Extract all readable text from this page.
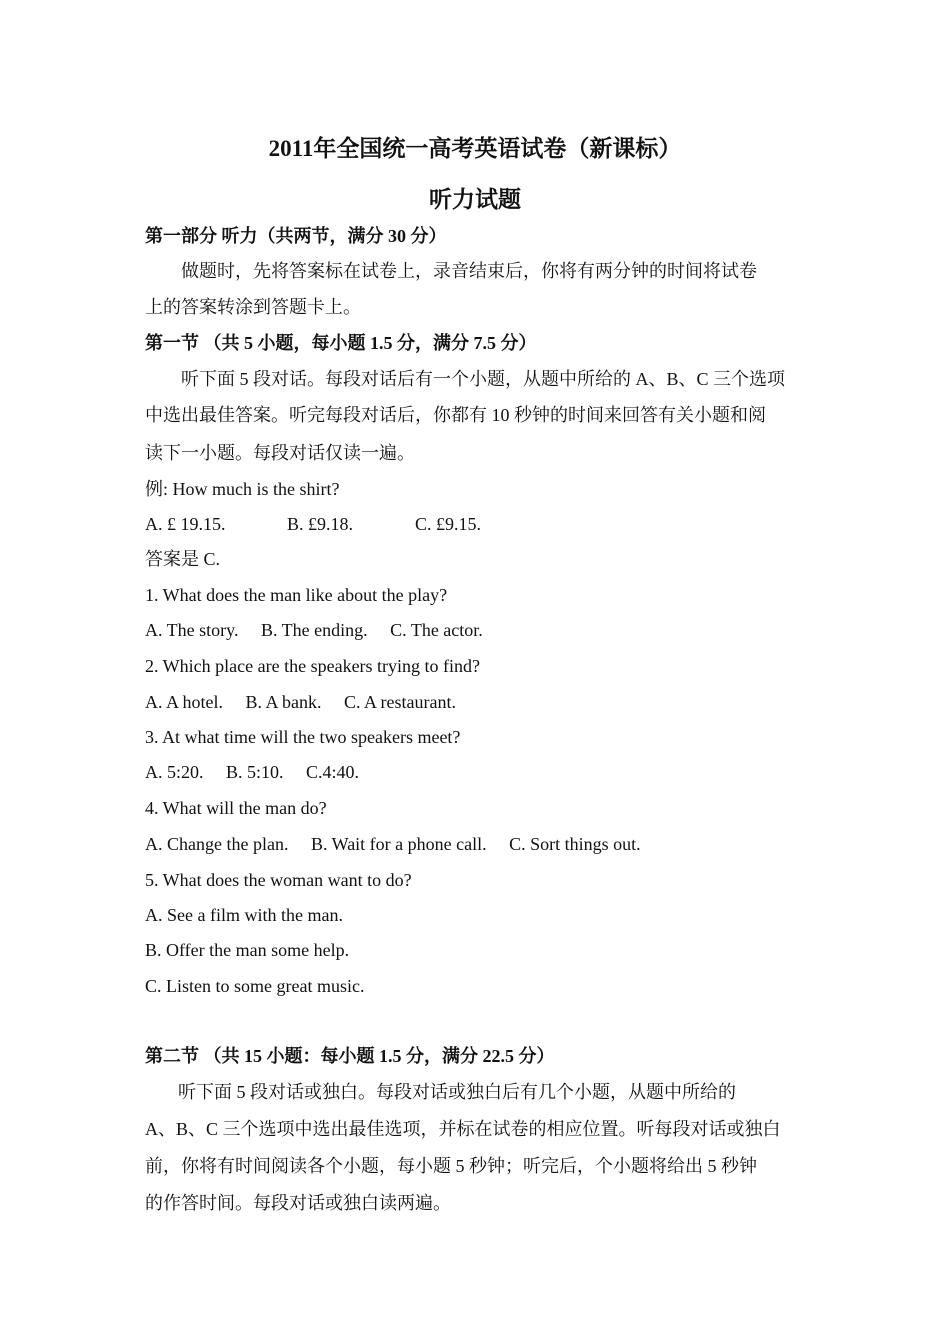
2011年全国统一高考英语试卷（新课标）
听力试题
第一部分 听力（共两节，满分 30 分）
做题时，先将答案标在试卷上，录音结束后，你将有两分钟的时间将试卷
上的答案转涂到答题卡上。
第一节 （共 5 小题，每小题 1.5 分，满分 7.5 分）
听下面 5 段对话。每段对话后有一个小题，从题中所给的 A、B、C 三个选项
中选出最佳答案。听完每段对话后，你都有 10 秒钟的时间来回答有关小题和阅
读下一小题。每段对话仅读一遍。
例: How much is the shirt?
A. £ 19.15.	B. £9.18.	C. £9.15.
答案是 C.
1. What does the man like about the play?
A. The story.     B. The ending.     C. The actor.
2. Which place are the speakers trying to find?
A. A hotel.     B. A bank.     C. A restaurant.
3. At what time will the two speakers meet?
A. 5:20.     B. 5:10.     C.4:40.
4. What will the man do?
A. Change the plan.     B. Wait for a phone call.     C. Sort things out.
5. What does the woman want to do?
A. See a film with the man.
B. Offer the man some help.
C. Listen to some great music.
第二节 （共 15 小题：每小题 1.5 分，满分 22.5 分）
听下面 5 段对话或独白。每段对话或独白后有几个小题，从题中所给的
A、B、C 三个选项中选出最佳选项，并标在试卷的相应位置。听每段对话或独白
前，你将有时间阅读各个小题，每小题 5 秒钟；听完后，个小题将给出 5 秒钟
的作答时间。每段对话或独白读两遍。
